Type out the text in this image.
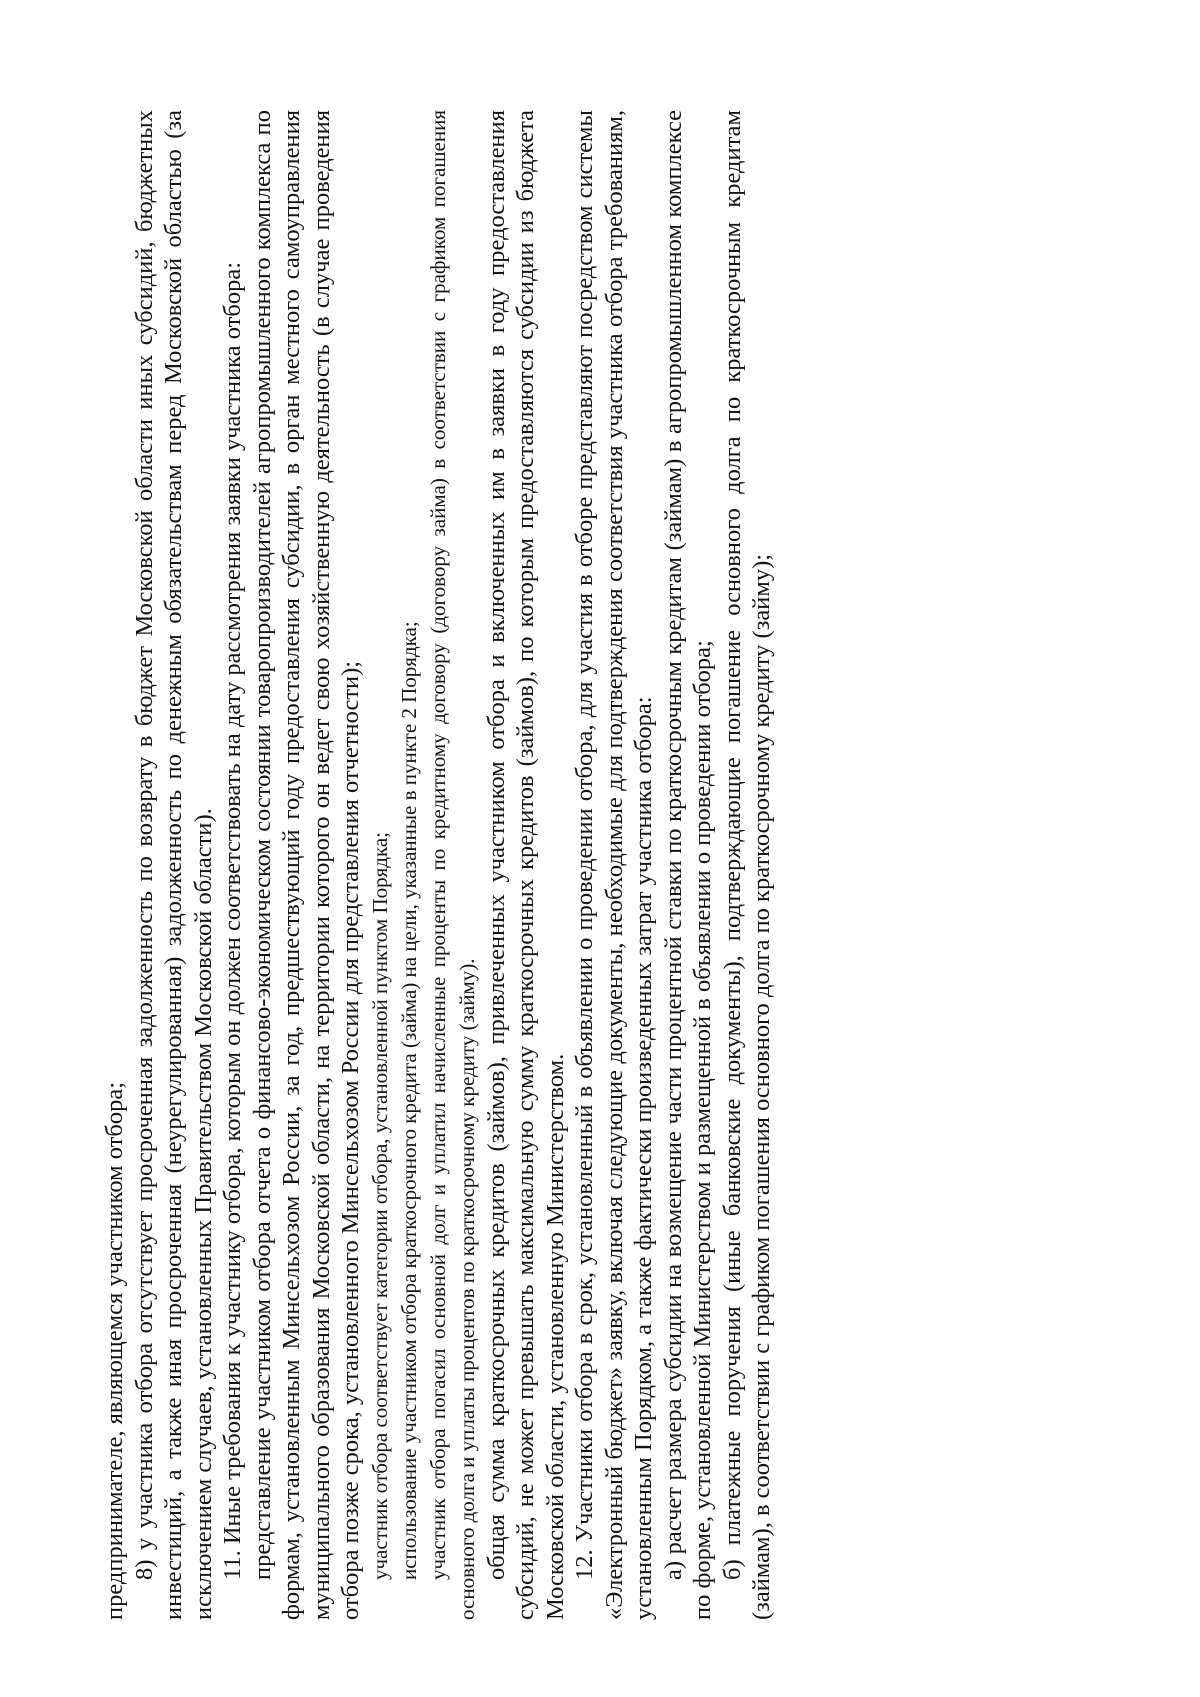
предпринимателе, являющемся участником отбора; 8) у участника отбора отсутствует просроченная задолженность по возврату в бюджет Московской области иных субсидий, бюджетных инвестиций, а также иная просроченная (неурегулированная) задолженность по денежным обязательствам перед Московской областью (за исключением случаев, установленных Правительством Московской области). 11. Иные требования к участнику отбора, которым он должен соответствовать на дату рассмотрения заявки участника отбора: представление участником отбора отчета о финансово-экономическом состоянии товаропроизводителей агропромышленного комплекса по формам, установленным Минсельхозом России, за год, предшествующий году предоставления субсидии, в орган местного самоуправления муниципального образования Московской области, на территории которого он ведет свою хозяйственную деятельность (в случае проведения отбора позже срока, установленного Минсельхозом России для представления отчетности); участник отбора соответствует категории отбора, установленной пунктом Порядка; использование участником отбора краткосрочного кредита (займа) на цели, указанные в пункте 2 Порядка; участник отбора погасил основной долг и уплатил начисленные проценты по кредитному договору (договору займа) в соответствии с графиком погашения основного долга и уплаты процентов по краткосрочному кредиту (займу). общая сумма краткосрочных кредитов (займов), привлеченных участником отбора и включенных им в заявки в году предоставления субсидий, не может превышать максимальную сумму краткосрочных кредитов (займов), по которым предоставляются субсидии из бюджета Московской области, установленную Министерством. 12. Участники отбора в срок, установленный в объявлении о проведении отбора, для участия в отборе представляют посредством системы «Электронный бюджет» заявку, включая следующие документы, необходимые для подтверждения соответствия участника отбора требованиям, установленным Порядком, а также фактически произведенных затрат участника отбора: а) расчет размера субсидии на возмещение части процентной ставки по краткосрочным кредитам (займам) в агропромышленном комплексе по форме, установленной Министерством и размещенной в объявлении о проведении отбора; б) платежные поручения (иные банковские документы), подтверждающие погашение основного долга по краткосрочным кредитам (займам), в соответствии с графиком погашения основного долга по краткосрочному кредиту (займу);
